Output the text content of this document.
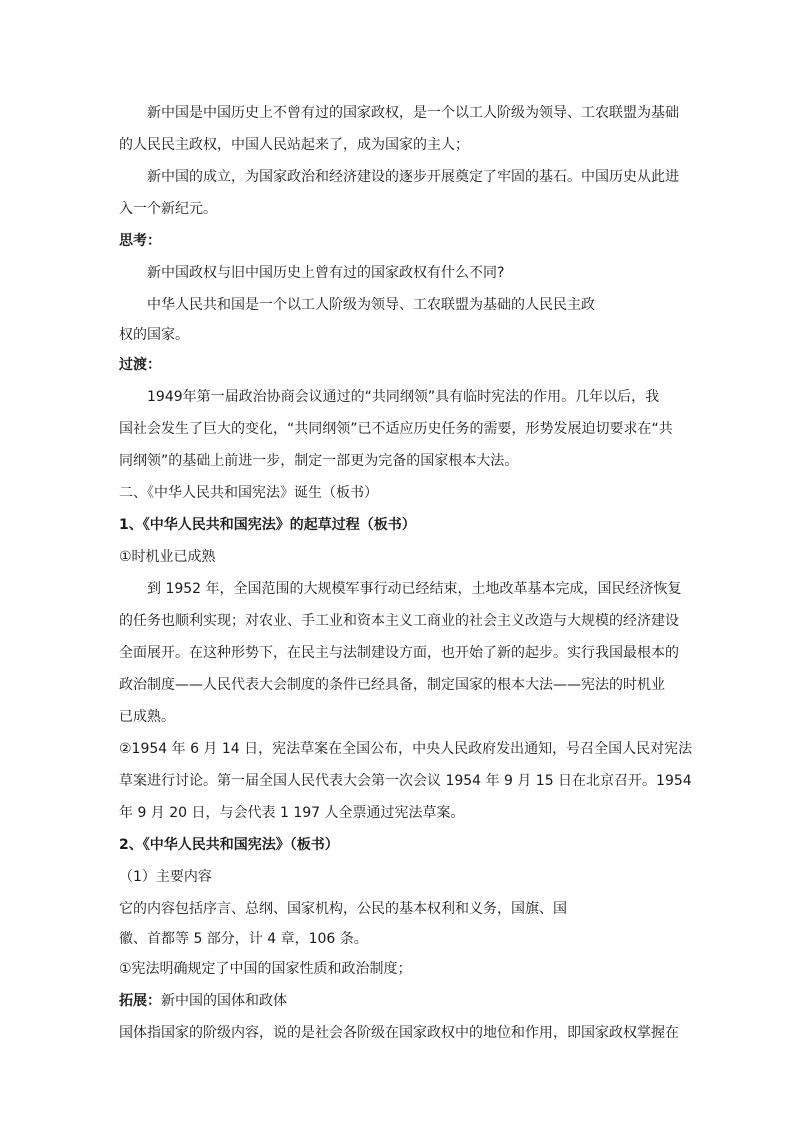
新中国是中国历史上不曾有过的国家政权，是一个以工人阶级为领导、工农联盟为基础
的人民民主政权，中国人民站起来了，成为国家的主人；
新中国的成立，为国家政治和经济建设的逐步开展奠定了牢固的基石。中国历史从此进
入一个新纪元。
思考：
新中国政权与旧中国历史上曾有过的国家政权有什么不同?
中华人民共和国是一个以工人阶级为领导、工农联盟为基础的人民民主政
权的国家。
过渡：
1949年第一届政治协商会议通过的“共同纲领”具有临时宪法的作用。几年以后，我
国社会发生了巨大的变化，“共同纲领”已不适应历史任务的需要，形势发展迫切要求在“共
同纲领”的基础上前进一步，制定一部更为完备的国家根本大法。
二、《中华人民共和国宪法》诞生（板书）
1、《中华人民共和国宪法》的起草过程（板书）
①时机业已成熟
到 1952 年，全国范围的大规模军事行动已经结束，土地改革基本完成，国民经济恢复
的任务也顺利实现；对农业、手工业和资本主义工商业的社会主义改造与大规模的经济建设
全面展开。在这种形势下，在民主与法制建设方面，也开始了新的起步。实行我国最根本的
政治制度——人民代表大会制度的条件已经具备，制定国家的根本大法——宪法的时机业
已成熟。
②1954 年 6 月 14 日，宪法草案在全国公布，中央人民政府发出通知，号召全国人民对宪法
草案进行讨论。第一届全国人民代表大会第一次会议 1954 年 9 月 15 日在北京召开。1954
年 9 月 20 日，与会代表 1 197 人全票通过宪法草案。
2、《中华人民共和国宪法》（板书）
（1）主要内容
它的内容包括序言、总纲、国家机构，公民的基本权利和义务，国旗、国
徽、首都等 5 部分，计 4 章，106 条。
①宪法明确规定了中国的国家性质和政治制度；
拓展：新中国的国体和政体
国体指国家的阶级内容，说的是社会各阶级在国家政权中的地位和作用，即国家政权掌握在
